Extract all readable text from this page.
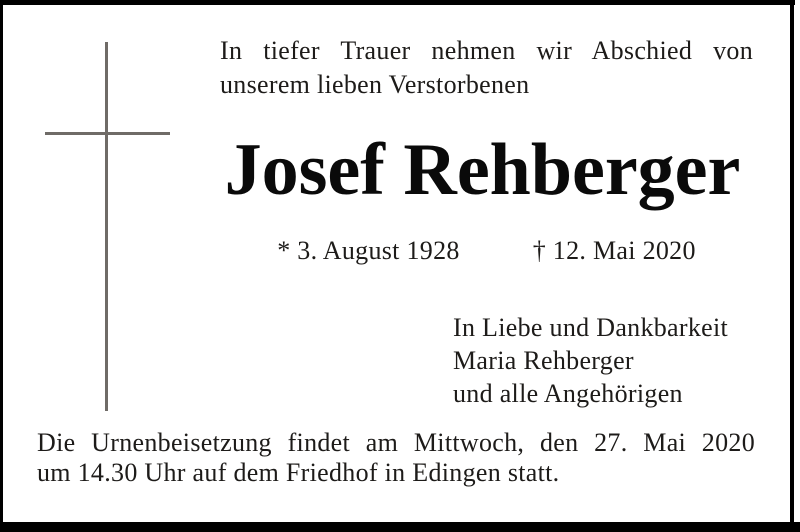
In tiefer Trauer nehmen wir Abschied von
unserem lieben Verstorbenen
Josef Rehberger
* 3. August 1928	† 12. Mai 2020
In Liebe und Dankbarkeit
Maria Rehberger
und alle Angehörigen
Die Urnenbeisetzung findet am Mittwoch, den 27. Mai 2020
um 14.30 Uhr auf dem Friedhof in Edingen statt.
